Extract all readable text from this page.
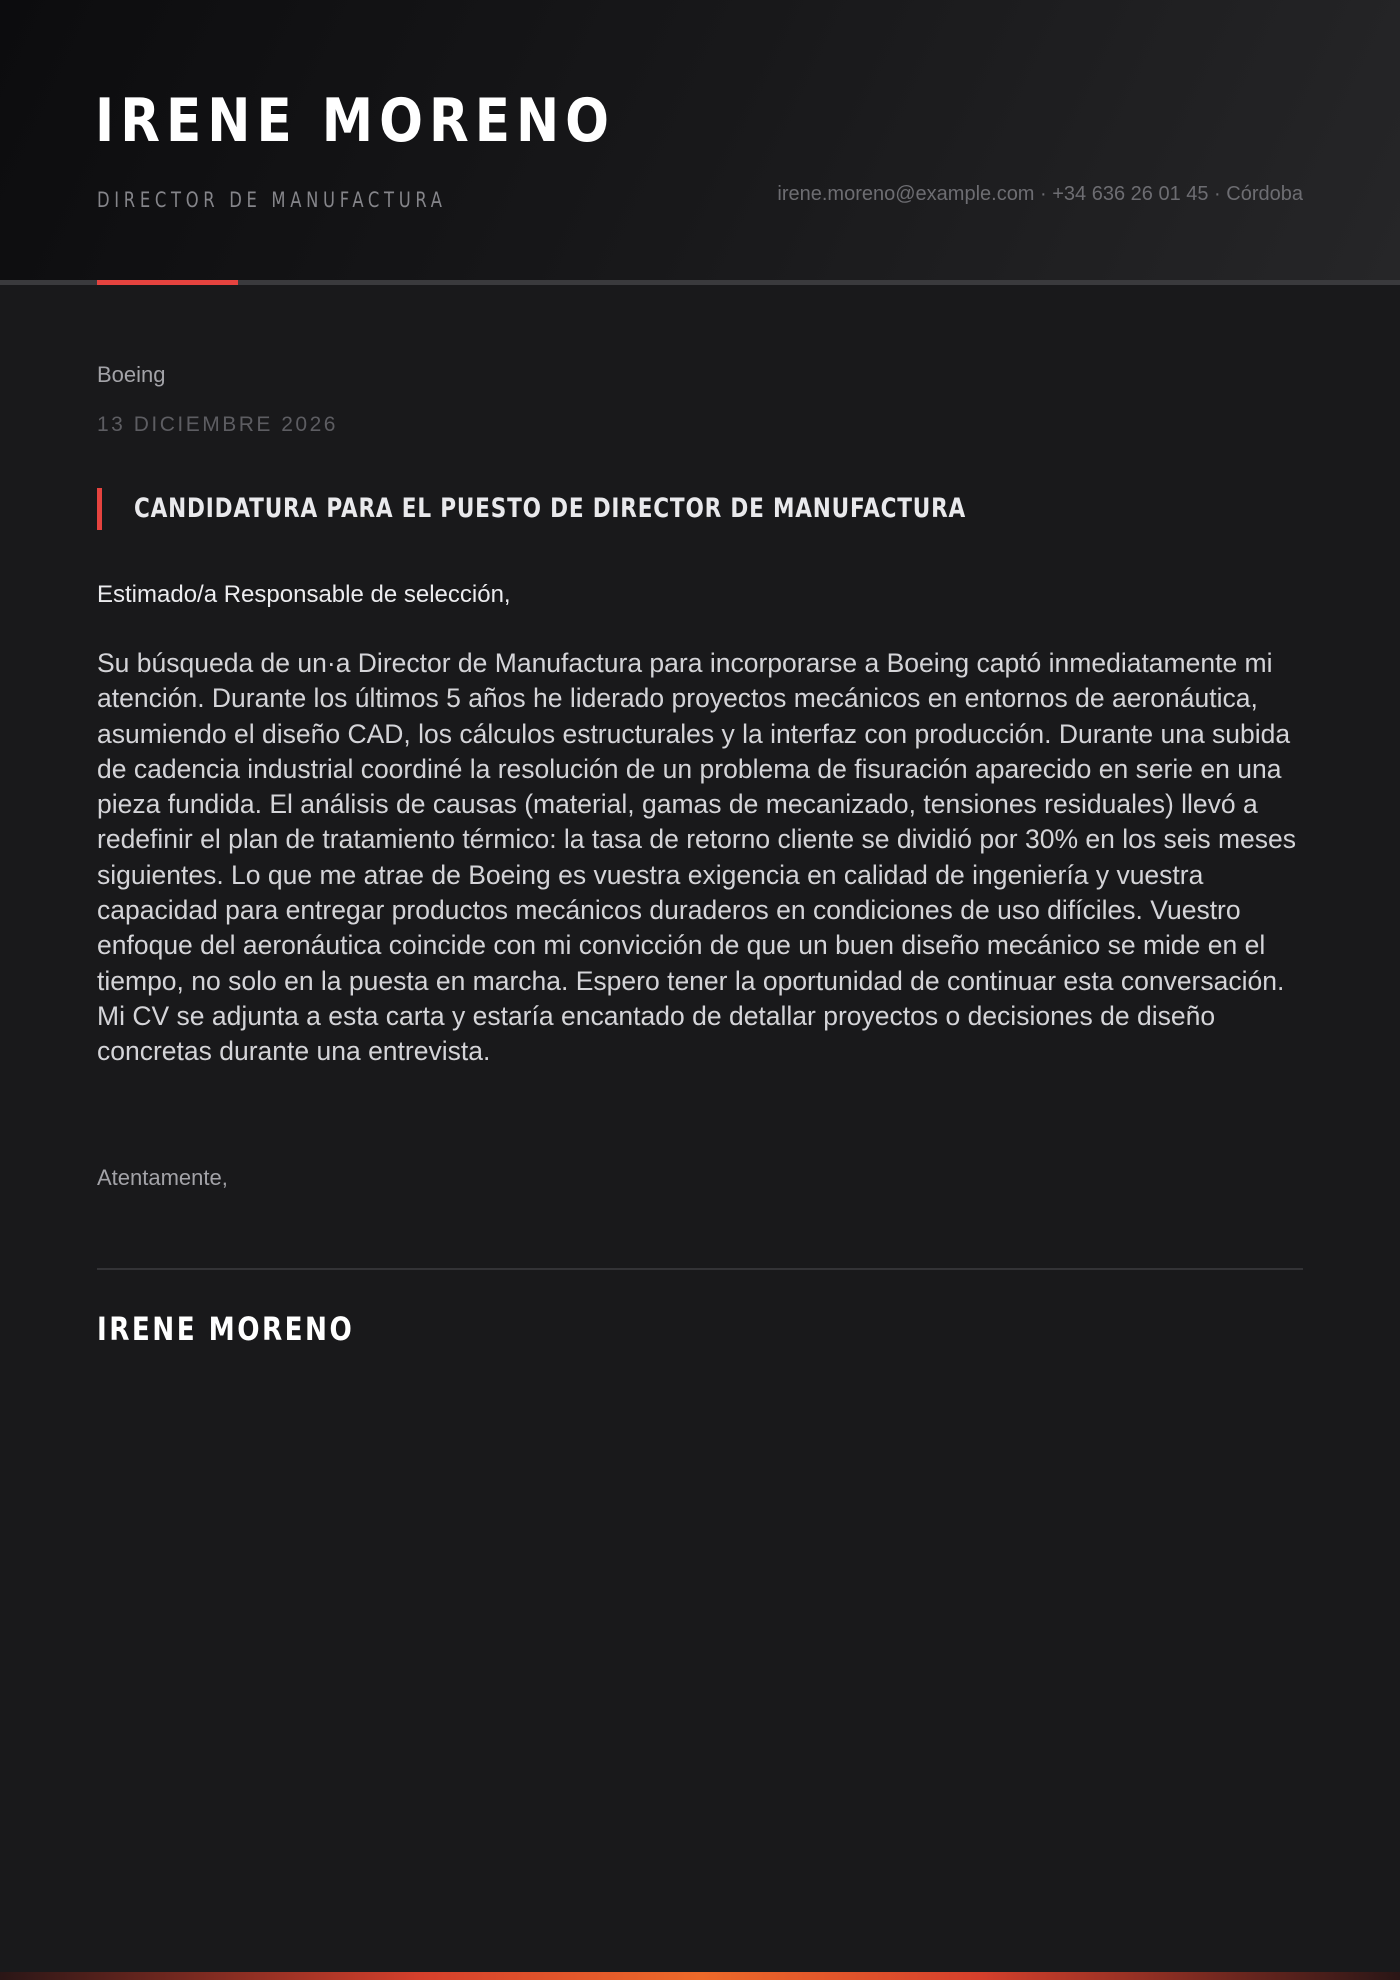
IRENE MORENO
DIRECTOR DE MANUFACTURA	irene.moreno@example.com · +34 636 26 01 45 · Córdoba
Boeing
13 DICIEMBRE 2026
CANDIDATURA PARA EL PUESTO DE DIRECTOR DE MANUFACTURA
Estimado/a Responsable de selección,

Su búsqueda de un·a Director de Manufactura para incorporarse a Boeing captó inmediatamente mi atención. Durante los últimos 5 años he liderado proyectos mecánicos en entornos de aeronáutica, asumiendo el diseño CAD, los cálculos estructurales y la interfaz con producción. Durante una subida de cadencia industrial coordiné la resolución de un problema de fisuración aparecido en serie en una pieza fundida. El análisis de causas (material, gamas de mecanizado, tensiones residuales) llevó a redefinir el plan de tratamiento térmico: la tasa de retorno cliente se dividió por 30% en los seis meses siguientes. Lo que me atrae de Boeing es vuestra exigencia en calidad de ingeniería y vuestra capacidad para entregar productos mecánicos duraderos en condiciones de uso difíciles. Vuestro enfoque del aeronáutica coincide con mi convicción de que un buen diseño mecánico se mide en el tiempo, no solo en la puesta en marcha. Espero tener la oportunidad de continuar esta conversación. Mi CV se adjunta a esta carta y estaría encantado de detallar proyectos o decisiones de diseño concretas durante una entrevista.

Atentamente,
IRENE MORENO
